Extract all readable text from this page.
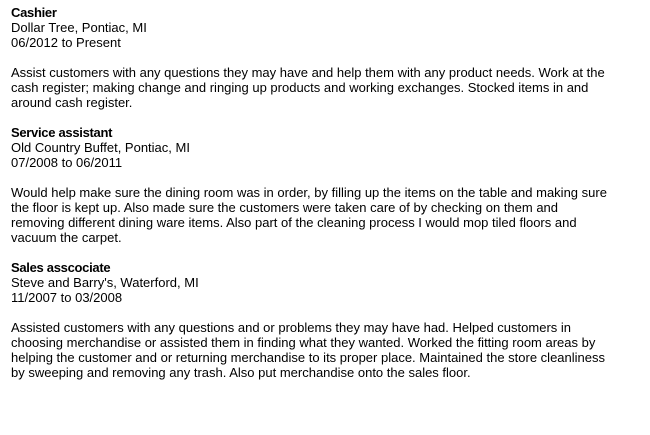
Cashier
Dollar Tree, Pontiac, MI
06/2012 to Present
Assist customers with any questions they may have and help them with any product needs. Work at the cash register; making change and ringing up products and working exchanges. Stocked items in and around cash register.
Service assistant
Old Country Buffet, Pontiac, MI
07/2008 to 06/2011
Would help make sure the dining room was in order, by filling up the items on the table and making sure the floor is kept up. Also made sure the customers were taken care of by checking on them and removing different dining ware items. Also part of the cleaning process I would mop tiled floors and vacuum the carpet.
Sales asscociate
Steve and Barry's, Waterford, MI
11/2007 to 03/2008
Assisted customers with any questions and or problems they may have had. Helped customers in choosing merchandise or assisted them in finding what they wanted. Worked the fitting room areas by helping the customer and or returning merchandise to its proper place. Maintained the store cleanliness by sweeping and removing any trash. Also put merchandise onto the sales floor.
